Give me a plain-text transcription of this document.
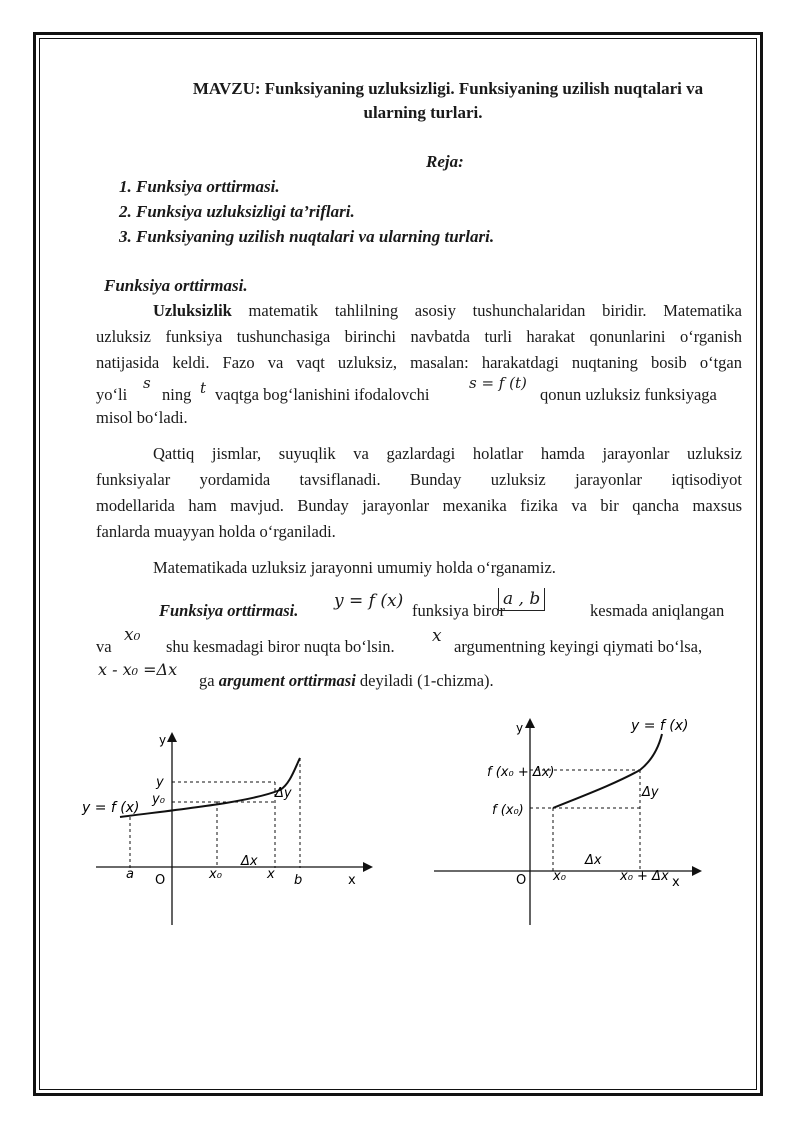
MAVZU: Funksiyaning uzluksizligi. Funksiyaning uzilish nuqtalari va
ularning turlari.
Reja:
1. Funksiya orttirmasi.
2. Funksiya uzluksizligi ta’riflari.
3. Funksiyaning uzilish nuqtalari va ularning turlari.
Funksiya orttirmasi.
Uzluksizlik matematik tahlilning asosiy tushunchalaridan biridir. Matematika
uzluksiz funksiya tushunchasiga birinchi navbatda turli harakat qonunlarini o‘rganish
natijasida keldi. Fazo va vaqt uzluksiz, masalan: harakatdagi nuqtaning bosib o‘tgan
yo‘li
s
ning t vaqtga bog‘lanishini ifodalovchi
s = f (t)
qonun uzluksiz funksiyaga
misol bo‘ladi.
Qattiq jismlar, suyuqlik va gazlardagi holatlar hamda jarayonlar uzluksiz
funksiyalar yordamida tavsiflanadi. Bunday uzluksiz jarayonlar iqtisodiyot
modellarida ham mavjud. Bunday jarayonlar mexanika fizika va bir qancha maxsus
fanlarda muayyan holda o‘rganiladi.
Matematikada uzluksiz jarayonni umumiy holda o‘rganamiz.
Funksiya orttirmasi. y = f (x) funksiya biror
a , b
kesmada aniqlangan
va
x₀
shu kesmadagi biror nuqta bo‘lsin.
x
argumentning keyingi qiymati bo‘lsa,
x - x₀ =Δx
ga argument orttirmasi deyiladi (1-chizma).
y
x
O
y
y₀
y = f (x)
Δy
Δx
a	x₀	x b
y
x
O
y = f (x)
f (x₀ + Δx)
f (x₀)
Δy
Δx
x₀	x₀ + Δx
